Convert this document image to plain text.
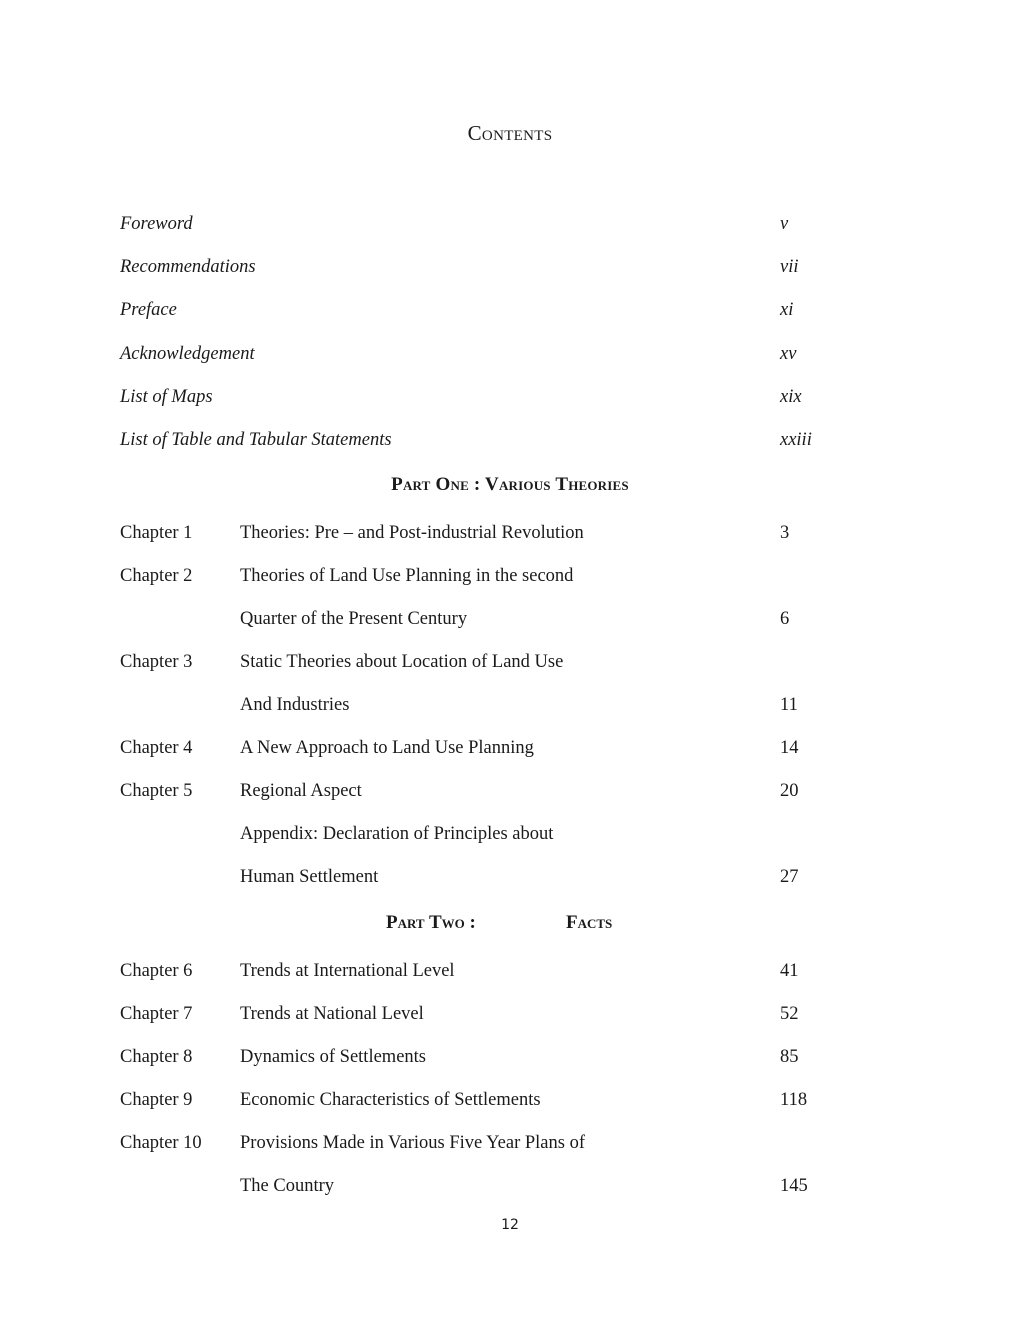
Contents
Foreword	v
Recommendations	vii
Preface	xi
Acknowledgement	xv
List of Maps	xix
List of Table and Tabular Statements	xxiii
Part One : Various Theories
Chapter 1	Theories: Pre – and Post-industrial Revolution	3
Chapter 2	Theories of Land Use Planning in the second
Quarter of the Present Century	6
Chapter 3	Static Theories about Location of Land Use
And Industries	11
Chapter 4	A New Approach to Land Use Planning	14
Chapter 5	Regional Aspect	20
Appendix: Declaration of Principles about
Human Settlement	27
Part Two :	Facts
Chapter 6	Trends at International Level	41
Chapter 7	Trends at National Level	52
Chapter 8	Dynamics of Settlements	85
Chapter 9	Economic Characteristics of Settlements	118
Chapter 10 Provisions Made in Various Five Year Plans of
The Country	145
12
